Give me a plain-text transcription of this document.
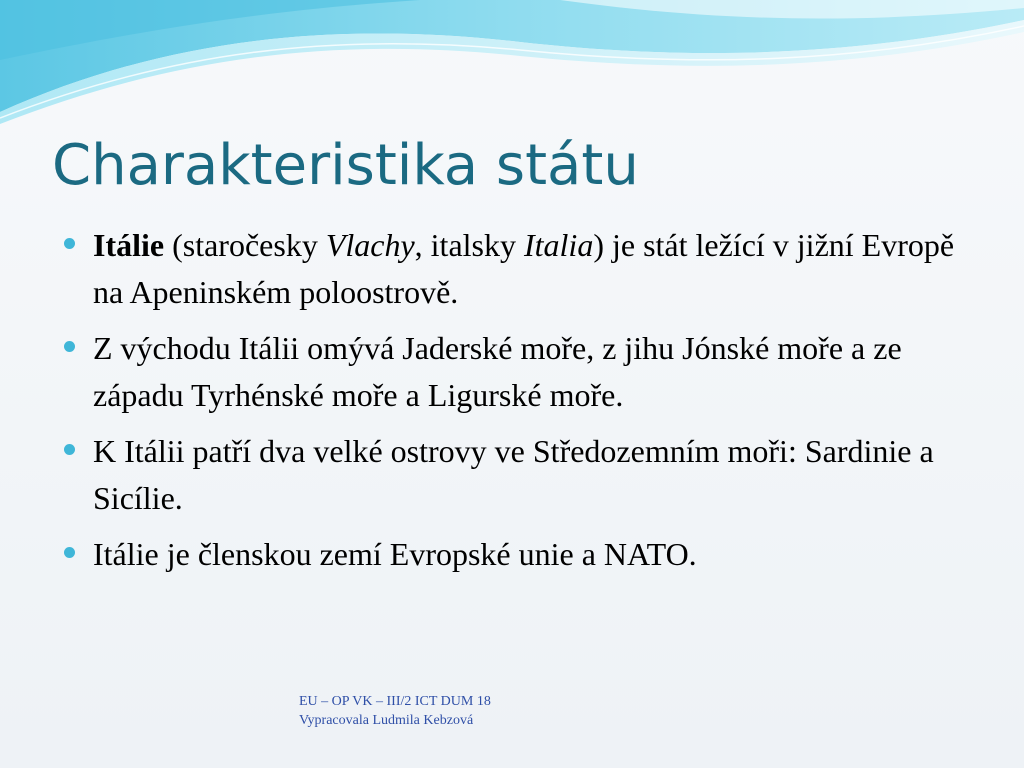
Charakteristika státu
Itálie (staročesky Vlachy, italsky Italia) je stát ležící v jižní Evropě na Apeninském poloostrově.
Z východu Itálii omývá Jaderské moře, z jihu Jónské moře a ze západu Tyrhénské moře a Ligurské moře.
K Itálii patří dva velké ostrovy ve Středozemním moři: Sardinie a Sicílie.
Itálie je členskou zemí Evropské unie a NATO.
EU – OP VK – III/2 ICT DUM 18
Vypracovala Ludmila Kebzová
